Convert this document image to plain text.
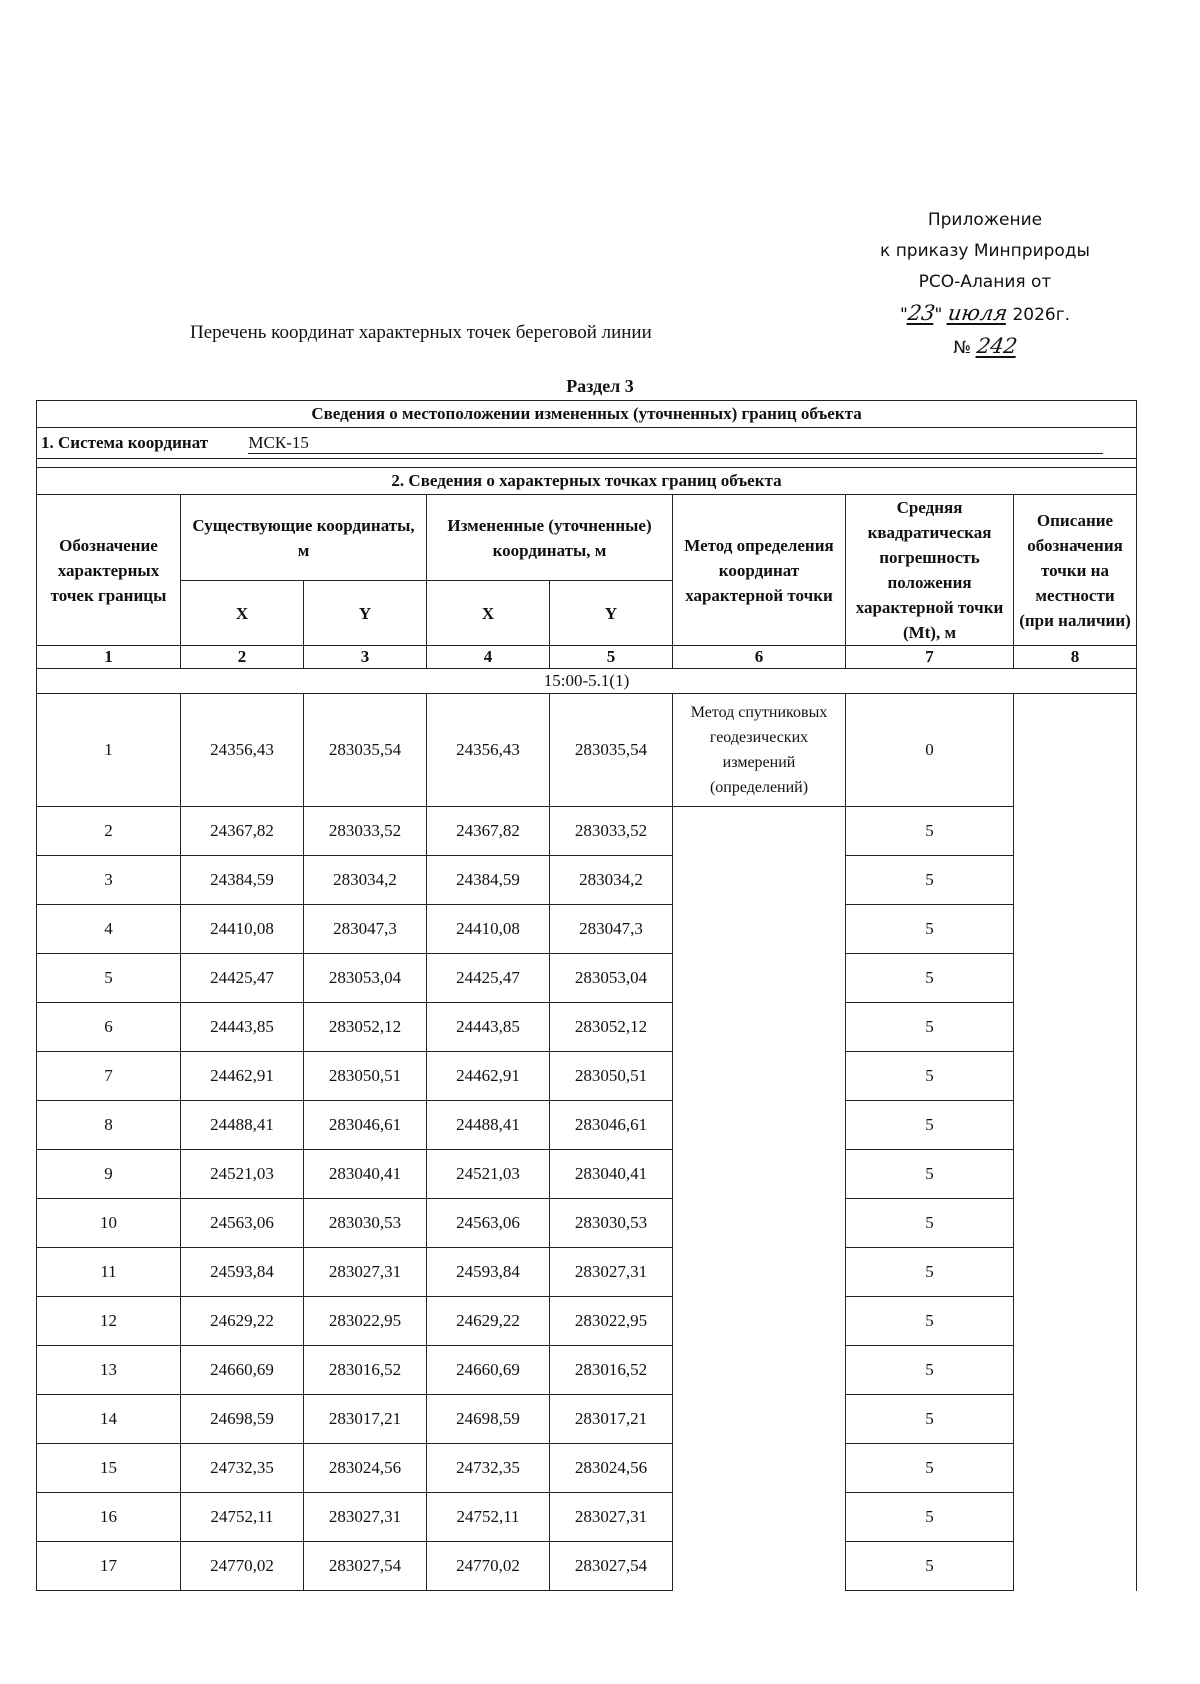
Приложение
к приказу Минприроды
РСО-Алания от
"23" июля 2026г.
№ 242
Перечень координат характерных точек береговой линии
Раздел 3
Сведения о местоположении измененных (уточненных) границ объекта							
1. Система координат МСК-15							

2. Сведения о характерных точках границ объекта							
Обозначение характерных точек границы	Существующие координаты, м		Измененные (уточненные) координаты, м		Метод определения координат характерной точки	Средняя квадратическая погрешность положения характерной точки (Mt), м	Описание обозначения точки на местности (при наличии)
	X	Y	X	Y			
1	2	3	4	5	6	7	8
15:00-5.1(1)							
1	24356,43	283035,54	24356,43	283035,54	Метод спутниковых геодезических измерений (определений)	0	
2	24367,82	283033,52	24367,82	283033,52		5	
3	24384,59	283034,2	24384,59	283034,2		5	
4	24410,08	283047,3	24410,08	283047,3		5	
5	24425,47	283053,04	24425,47	283053,04		5	
6	24443,85	283052,12	24443,85	283052,12		5	
7	24462,91	283050,51	24462,91	283050,51		5	
8	24488,41	283046,61	24488,41	283046,61		5	
9	24521,03	283040,41	24521,03	283040,41		5	
10	24563,06	283030,53	24563,06	283030,53		5	
11	24593,84	283027,31	24593,84	283027,31		5	
12	24629,22	283022,95	24629,22	283022,95		5	
13	24660,69	283016,52	24660,69	283016,52		5	
14	24698,59	283017,21	24698,59	283017,21		5	
15	24732,35	283024,56	24732,35	283024,56		5	
16	24752,11	283027,31	24752,11	283027,31		5	
17	24770,02	283027,54	24770,02	283027,54		5	
